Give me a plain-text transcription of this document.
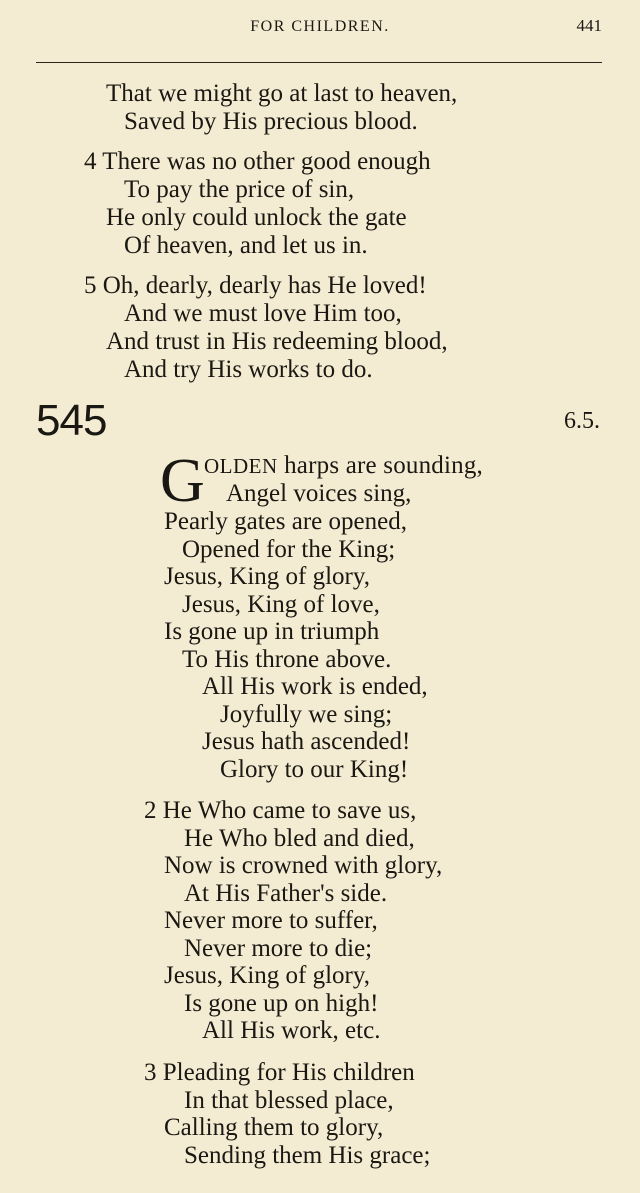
FOR CHILDREN.	441
That we might go at last to heaven,
Saved by His precious blood.
4 There was no other good enough
To pay the price of sin,
He only could unlock the gate
Of heaven, and let us in.
5 Oh, dearly, dearly has He loved!
And we must love Him too,
And trust in His redeeming blood,
And try His works to do.
545	6.5.
G OLDEN harps are sounding,
Angel voices sing,
Pearly gates are opened,
Opened for the King;
Jesus, King of glory,
Jesus, King of love,
Is gone up in triumph
To His throne above.
All His work is ended,
Joyfully we sing;
Jesus hath ascended!
Glory to our King!
2 He Who came to save us,
He Who bled and died,
Now is crowned with glory,
At His Father's side.
Never more to suffer,
Never more to die;
Jesus, King of glory,
Is gone up on high!
All His work, etc.
3 Pleading for His children
In that blessed place,
Calling them to glory,
Sending them His grace;
